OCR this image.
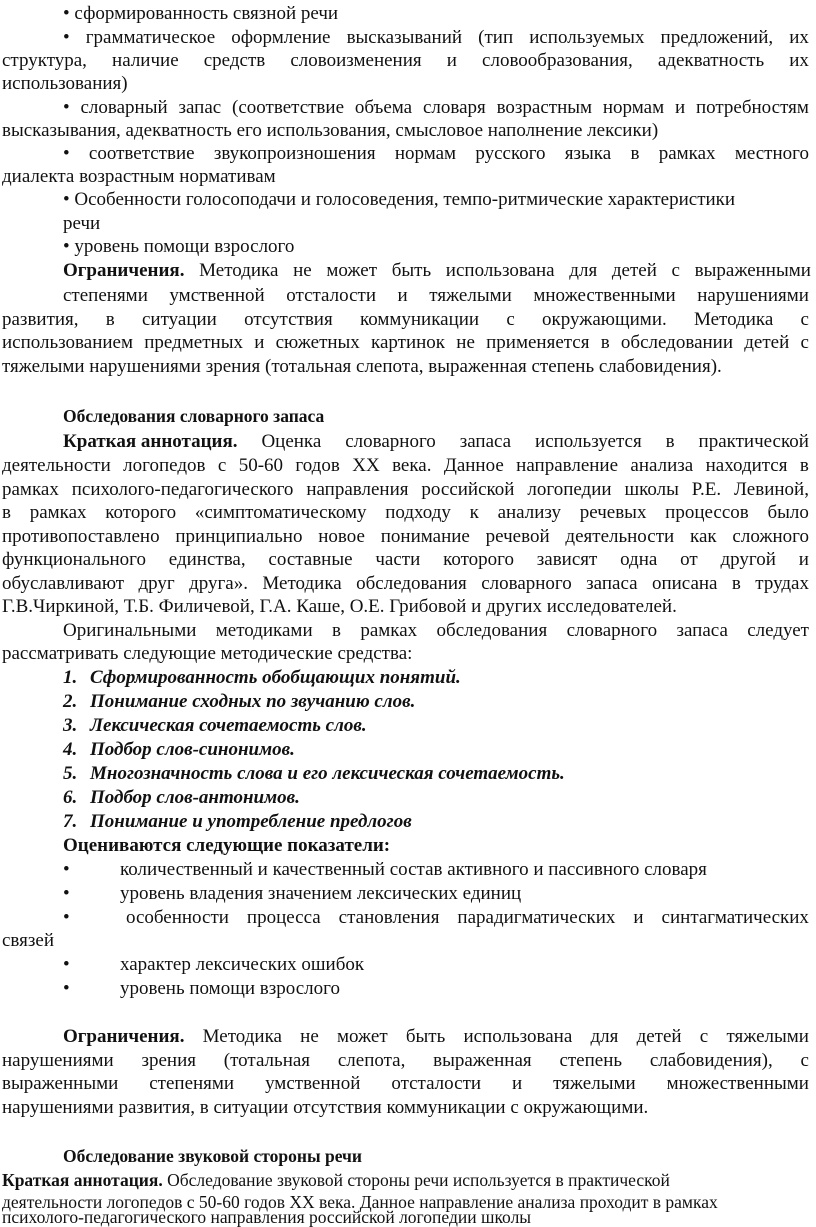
• сформированность связной речи
• грамматическое оформление высказываний (тип используемых предложений, их
структура, наличие средств словоизменения и словообразования, адекватность их
использования)
• словарный запас (соответствие объема словаря возрастным нормам и потребностям
высказывания, адекватность его использования, смысловое наполнение лексики)
• соответствие звукопроизношения нормам русского языка в рамках местного
диалекта возрастным нормативам
• Особенности голосоподачи и голосоведения, темпо-ритмические характеристики
речи
• уровень помощи взрослого
Ограничения. Методика не может быть использована для детей с выраженными
степенями умственной отсталости и тяжелыми множественными нарушениями
развития, в ситуации отсутствия коммуникации с окружающими. Методика с
использованием предметных и сюжетных картинок не применяется в обследовании детей с
тяжелыми нарушениями зрения (тотальная слепота, выраженная степень слабовидения).
Обследования словарного запаса
Краткая аннотация. Оценка словарного запаса используется в практической
деятельности логопедов с 50-60 годов XX века. Данное направление анализа находится в
рамках психолого-педагогического направления российской логопедии школы Р.Е. Левиной,
в рамках которого «симптоматическому подходу к анализу речевых процессов было
противопоставлено принципиально новое понимание речевой деятельности как сложного
функционального единства, составные части которого зависят одна от другой и
обуславливают друг друга». Методика обследования словарного запаса описана в трудах
Г.В.Чиркиной, Т.Б. Филичевой, Г.А. Каше, О.Е. Грибовой и других исследователей.
Оригинальными методиками в рамках обследования словарного запаса следует
рассматривать следующие методические средства:
1. Сформированность обобщающих понятий.
2. Понимание сходных по звучанию слов.
3. Лексическая сочетаемость слов.
4. Подбор слов-синонимов.
5. Многозначность слова и его лексическая сочетаемость.
6. Подбор слов-антонимов.
7. Понимание и употребление предлогов
Оцениваются следующие показатели:
•	количественный и качественный состав активного и пассивного словаря
•	уровень владения значением лексических единиц
•	особенности процесса становления парадигматических и синтагматических
связей
•	характер лексических ошибок
•	уровень помощи взрослого
Ограничения. Методика не может быть использована для детей с тяжелыми
нарушениями зрения (тотальная слепота, выраженная степень слабовидения), с
выраженными степенями умственной отсталости и тяжелыми множественными
нарушениями развития, в ситуации отсутствия коммуникации с окружающими.
Обследование звуковой стороны речи
Краткая аннотация. Обследование звуковой стороны речи используется в практической
деятельности логопедов с 50-60 годов XX века. Данное направление анализа проходит в рамках
психолого-педагогического направления российской логопедии школы
